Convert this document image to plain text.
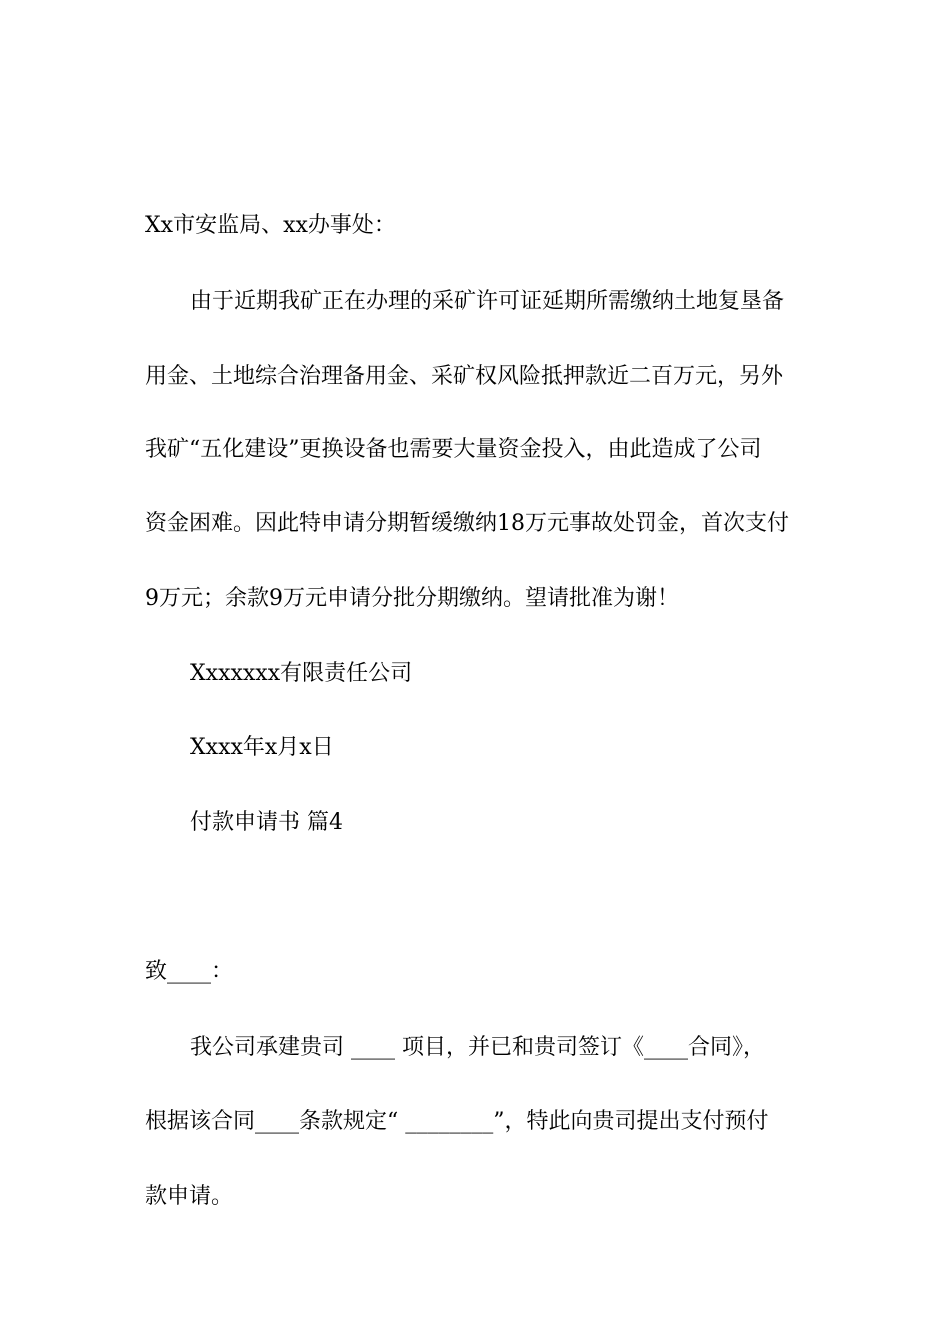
Xx市安监局、xx办事处：

由于近期我矿正在办理的采矿许可证延期所需缴纳土地复垦备

用金、土地综合治理备用金、采矿权风险抵押款近二百万元，另外

我矿“五化建设”更换设备也需要大量资金投入，由此造成了公司

资金困难。因此特申请分期暂缓缴纳18万元事故处罚金，首次支付

9万元；余款9万元申请分批分期缴纳。望请批准为谢！

Xxxxxxx有限责任公司

Xxxx年x月x日

付款申请书 篇4

致____：

我公司承建贵司 ____ 项目，并已和贵司签订《____合同》，

根据该合同____条款规定“ ________”，特此向贵司提出支付预付

款申请。
